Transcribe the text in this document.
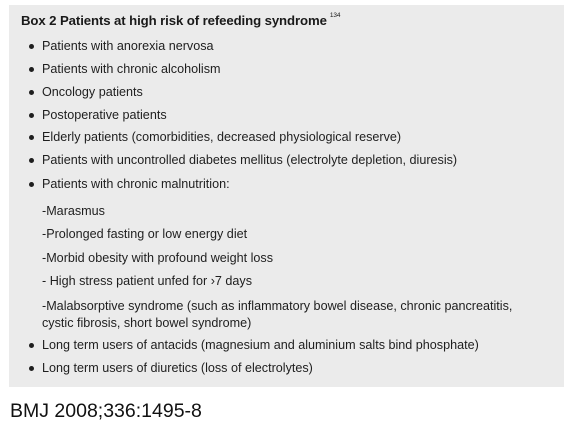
Box 2 Patients at high risk of refeeding syndrome $^{134}$
Patients with anorexia nervosa
Patients with chronic alcoholism
Oncology patients
Postoperative patients
Elderly patients (comorbidities, decreased physiological reserve)
Patients with uncontrolled diabetes mellitus (electrolyte depletion, diuresis)
Patients with chronic malnutrition:
-Marasmus
-Prolonged fasting or low energy diet
-Morbid obesity with profound weight loss
- High stress patient unfed for ›7 days
-Malabsorptive syndrome (such as inflammatory bowel disease, chronic pancreatitis,
cystic fibrosis, short bowel syndrome)
Long term users of antacids (magnesium and aluminium salts bind phosphate)
Long term users of diuretics (loss of electrolytes)
BMJ 2008;336:1495-8
